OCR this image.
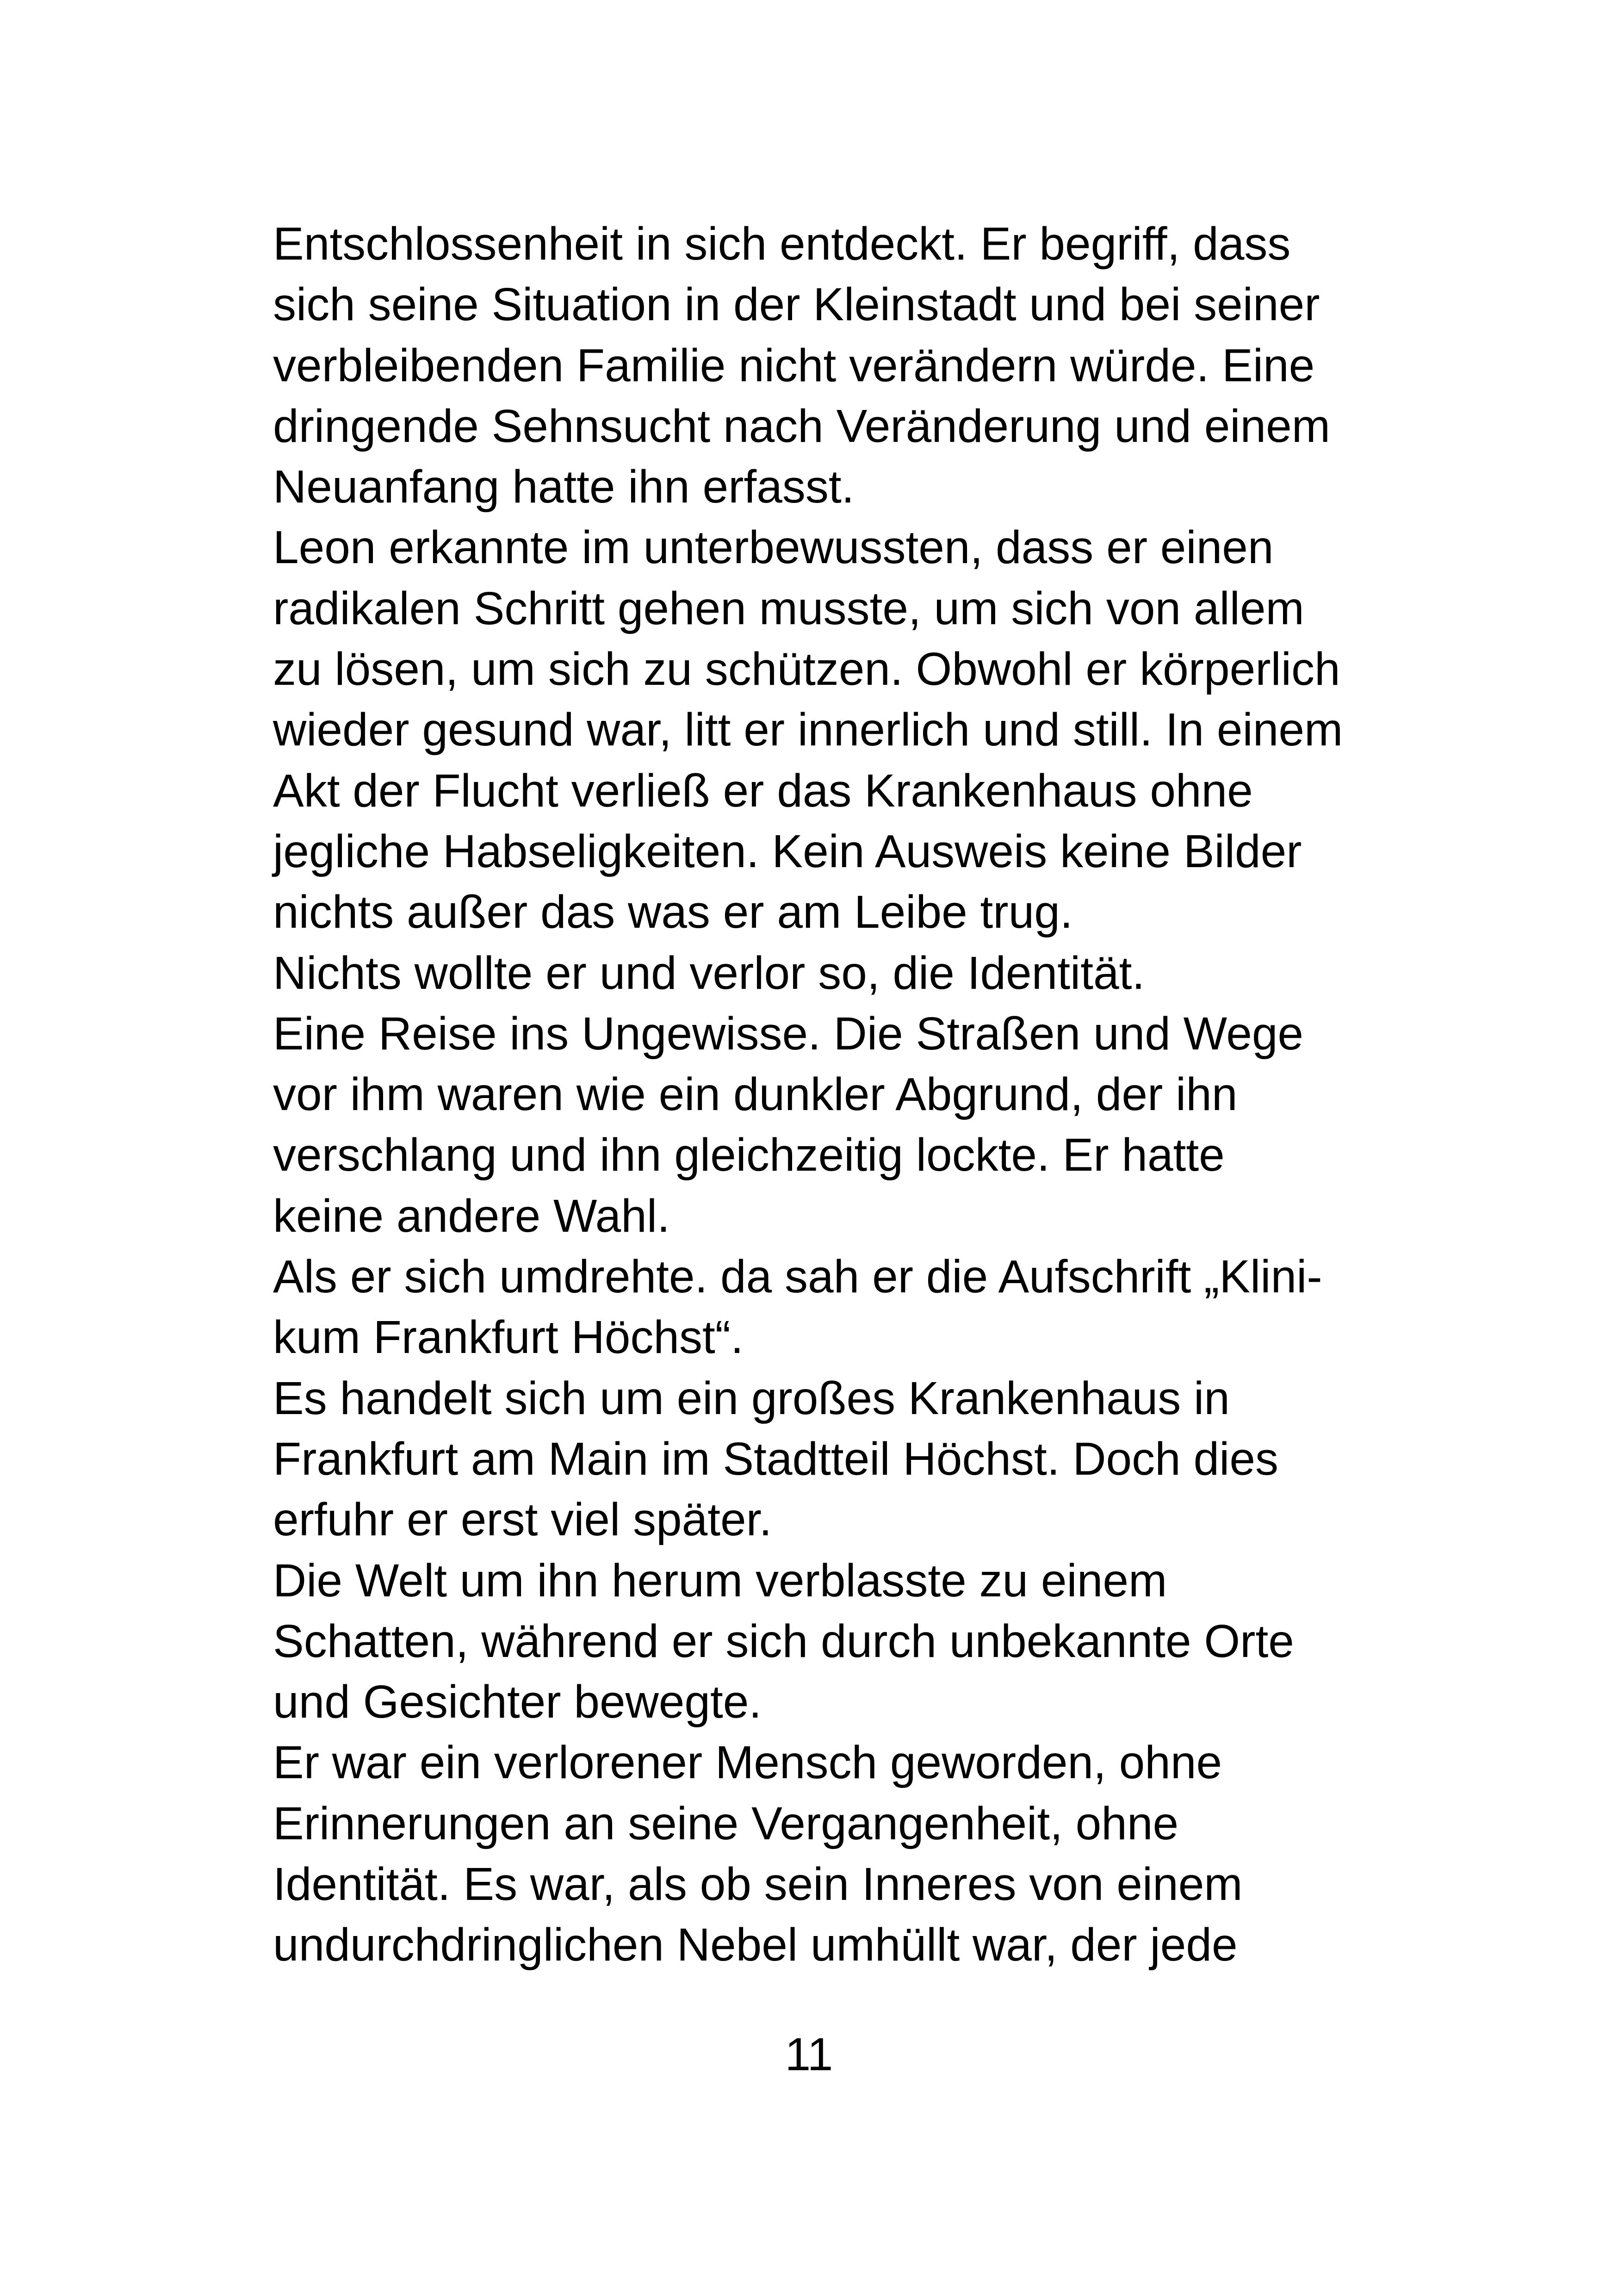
Entschlossenheit in sich entdeckt. Er begriff, dass
sich seine Situation in der Kleinstadt und bei seiner
verbleibenden Familie nicht verändern würde. Eine
dringende Sehnsucht nach Veränderung und einem
Neuanfang hatte ihn erfasst.
Leon erkannte im unterbewussten, dass er einen
radikalen Schritt gehen musste, um sich von allem
zu lösen, um sich zu schützen. Obwohl er körperlich
wieder gesund war, litt er innerlich und still. In einem
Akt der Flucht verließ er das Krankenhaus ohne
jegliche Habseligkeiten. Kein Ausweis keine Bilder
nichts außer das was er am Leibe trug.
Nichts wollte er und verlor so, die Identität.
Eine Reise ins Ungewisse. Die Straßen und Wege
vor ihm waren wie ein dunkler Abgrund, der ihn
verschlang und ihn gleichzeitig lockte. Er hatte
keine andere Wahl.
Als er sich umdrehte. da sah er die Aufschrift „Klini-
kum Frankfurt Höchst“.
Es handelt sich um ein großes Krankenhaus in
Frankfurt am Main im Stadtteil Höchst. Doch dies
erfuhr er erst viel später.
Die Welt um ihn herum verblasste zu einem
Schatten, während er sich durch unbekannte Orte
und Gesichter bewegte.
Er war ein verlorener Mensch geworden, ohne
Erinnerungen an seine Vergangenheit, ohne
Identität. Es war, als ob sein Inneres von einem
undurchdringlichen Nebel umhüllt war, der jede
11
